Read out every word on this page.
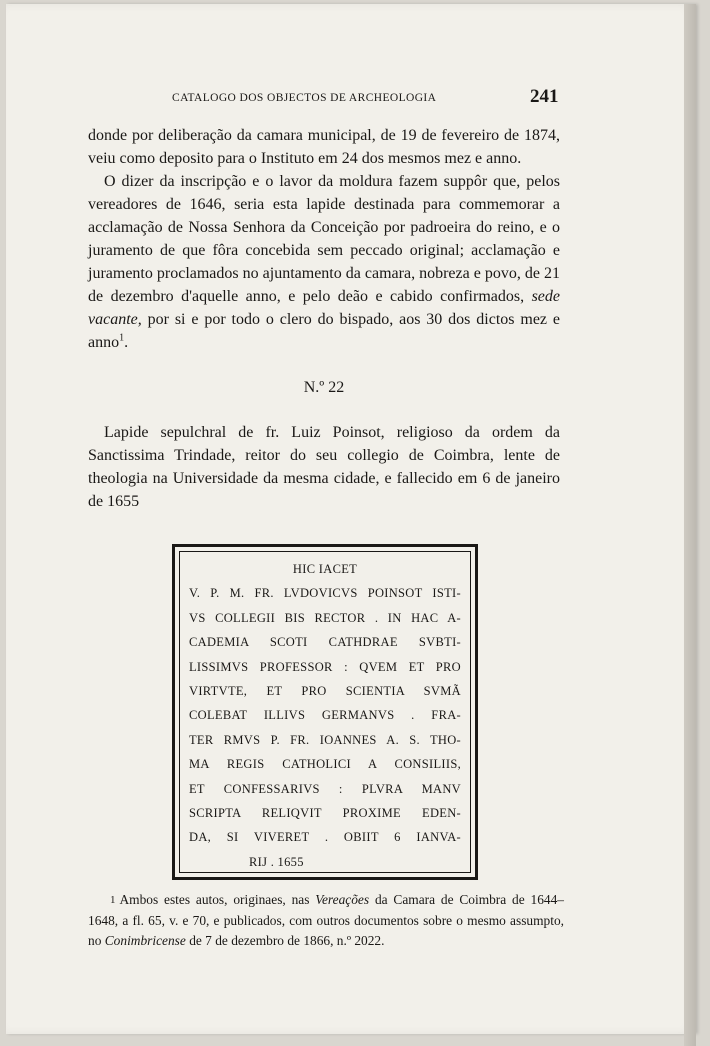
CATALOGO DOS OBJECTOS DE ARCHEOLOGIA	241

donde por deliberação da camara municipal, de 19 de fevereiro de 1874, veiu como deposito para o Instituto em 24 dos mesmos mez e anno.

O dizer da inscripção e o lavor da moldura fazem suppôr que, pelos vereadores de 1646, seria esta lapide destinada para commemorar a acclamação de Nossa Senhora da Conceição por padroeira do reino, e o juramento de que fôra concebida sem peccado original; acclamação e juramento proclamados no ajuntamento da camara, nobreza e povo, de 21 de dezembro d'aquelle anno, e pelo deão e cabido confirmados, sede vacante, por si e por todo o clero do bispado, aos 30 dos dictos mez e anno$^1$.

N.º 22

Lapide sepulchral de fr. Luiz Poinsot, religioso da ordem da Sanctissima Trindade, reitor do seu collegio de Coimbra, lente de theologia na Universidade da mesma cidade, e fallecido em 6 de janeiro de 1655

HIC IACET
V. P. M. FR. LVDOVICVS POINSOT ISTI-
VS COLLEGII BIS RECTOR . IN HAC A-
CADEMIA SCOTI CATHDRAE SVBTI-
LISSIMVS PROFESSOR : QVEM ET PRO
VIRTVTE, ET PRO SCIENTIA SVMÃ
COLEBAT ILLIVS GERMANVS . FRA-
TER RMVS P. FR. IOANNES A. S. THO-
MA REGIS CATHOLICI A CONSILIIS,
ET CONFESSARIVS : PLVRA MANV
SCRIPTA RELIQVIT PROXIME EDEN-
DA, SI VIVERET . OBIIT 6 IANVA-
RIJ . 1655

1 Ambos estes autos, originaes, nas Vereações da Camara de Coimbra de 1644–1648, a fl. 65, v. e 70, e publicados, com outros documentos sobre o mesmo assumpto, no Conimbricense de 7 de dezembro de 1866, n.º 2022.
